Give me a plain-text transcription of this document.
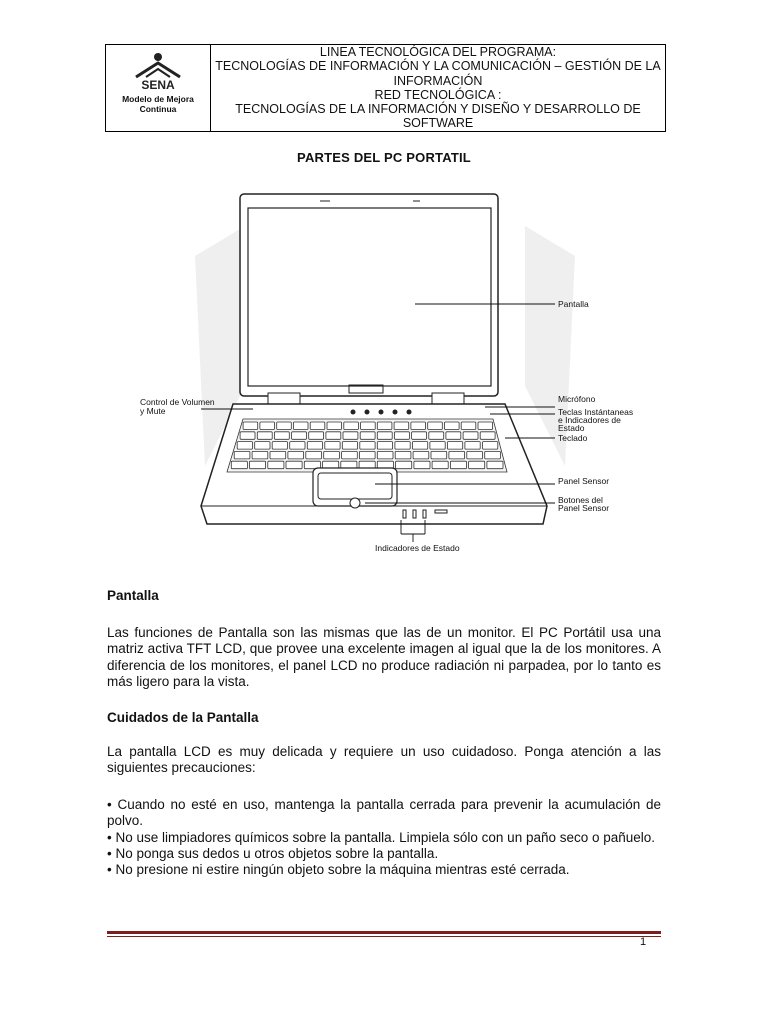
SENA
Modelo de Mejora
Continua
LINEA TECNOLÓGICA DEL PROGRAMA:
TECNOLOGÍAS DE INFORMACIÓN Y LA COMUNICACIÓN – GESTIÓN DE LA INFORMACIÓN
RED TECNOLÓGICA :
TECNOLOGÍAS DE LA INFORMACIÓN Y DISEÑO Y DESARROLLO DE SOFTWARE
PARTES DEL PC PORTATIL
Pantalla
Control de Volumen
y Mute
Micrófono
Teclas Instántaneas
e Indicadores de
Estado
Teclado
Panel Sensor
Botones del
Panel Sensor
Indicadores de Estado
Pantalla

Las funciones de Pantalla son las mismas que las de un monitor. El PC Portátil usa una matriz activa TFT LCD, que provee una excelente imagen al igual que la de los monitores. A diferencia de los monitores, el panel LCD no produce radiación ni parpadea, por lo tanto es más ligero para la vista.

Cuidados de la Pantalla

La pantalla LCD es muy delicada y requiere un uso cuidadoso. Ponga atención a las siguientes precauciones:

• Cuando no esté en uso, mantenga la pantalla cerrada para prevenir la acumulación de polvo.

• No use limpiadores químicos sobre la pantalla. Limpiela sólo con un paño seco o pañuelo.

• No ponga sus dedos u otros objetos sobre la pantalla.

• No presione ni estire ningún objeto sobre la máquina mientras esté cerrada.

1
